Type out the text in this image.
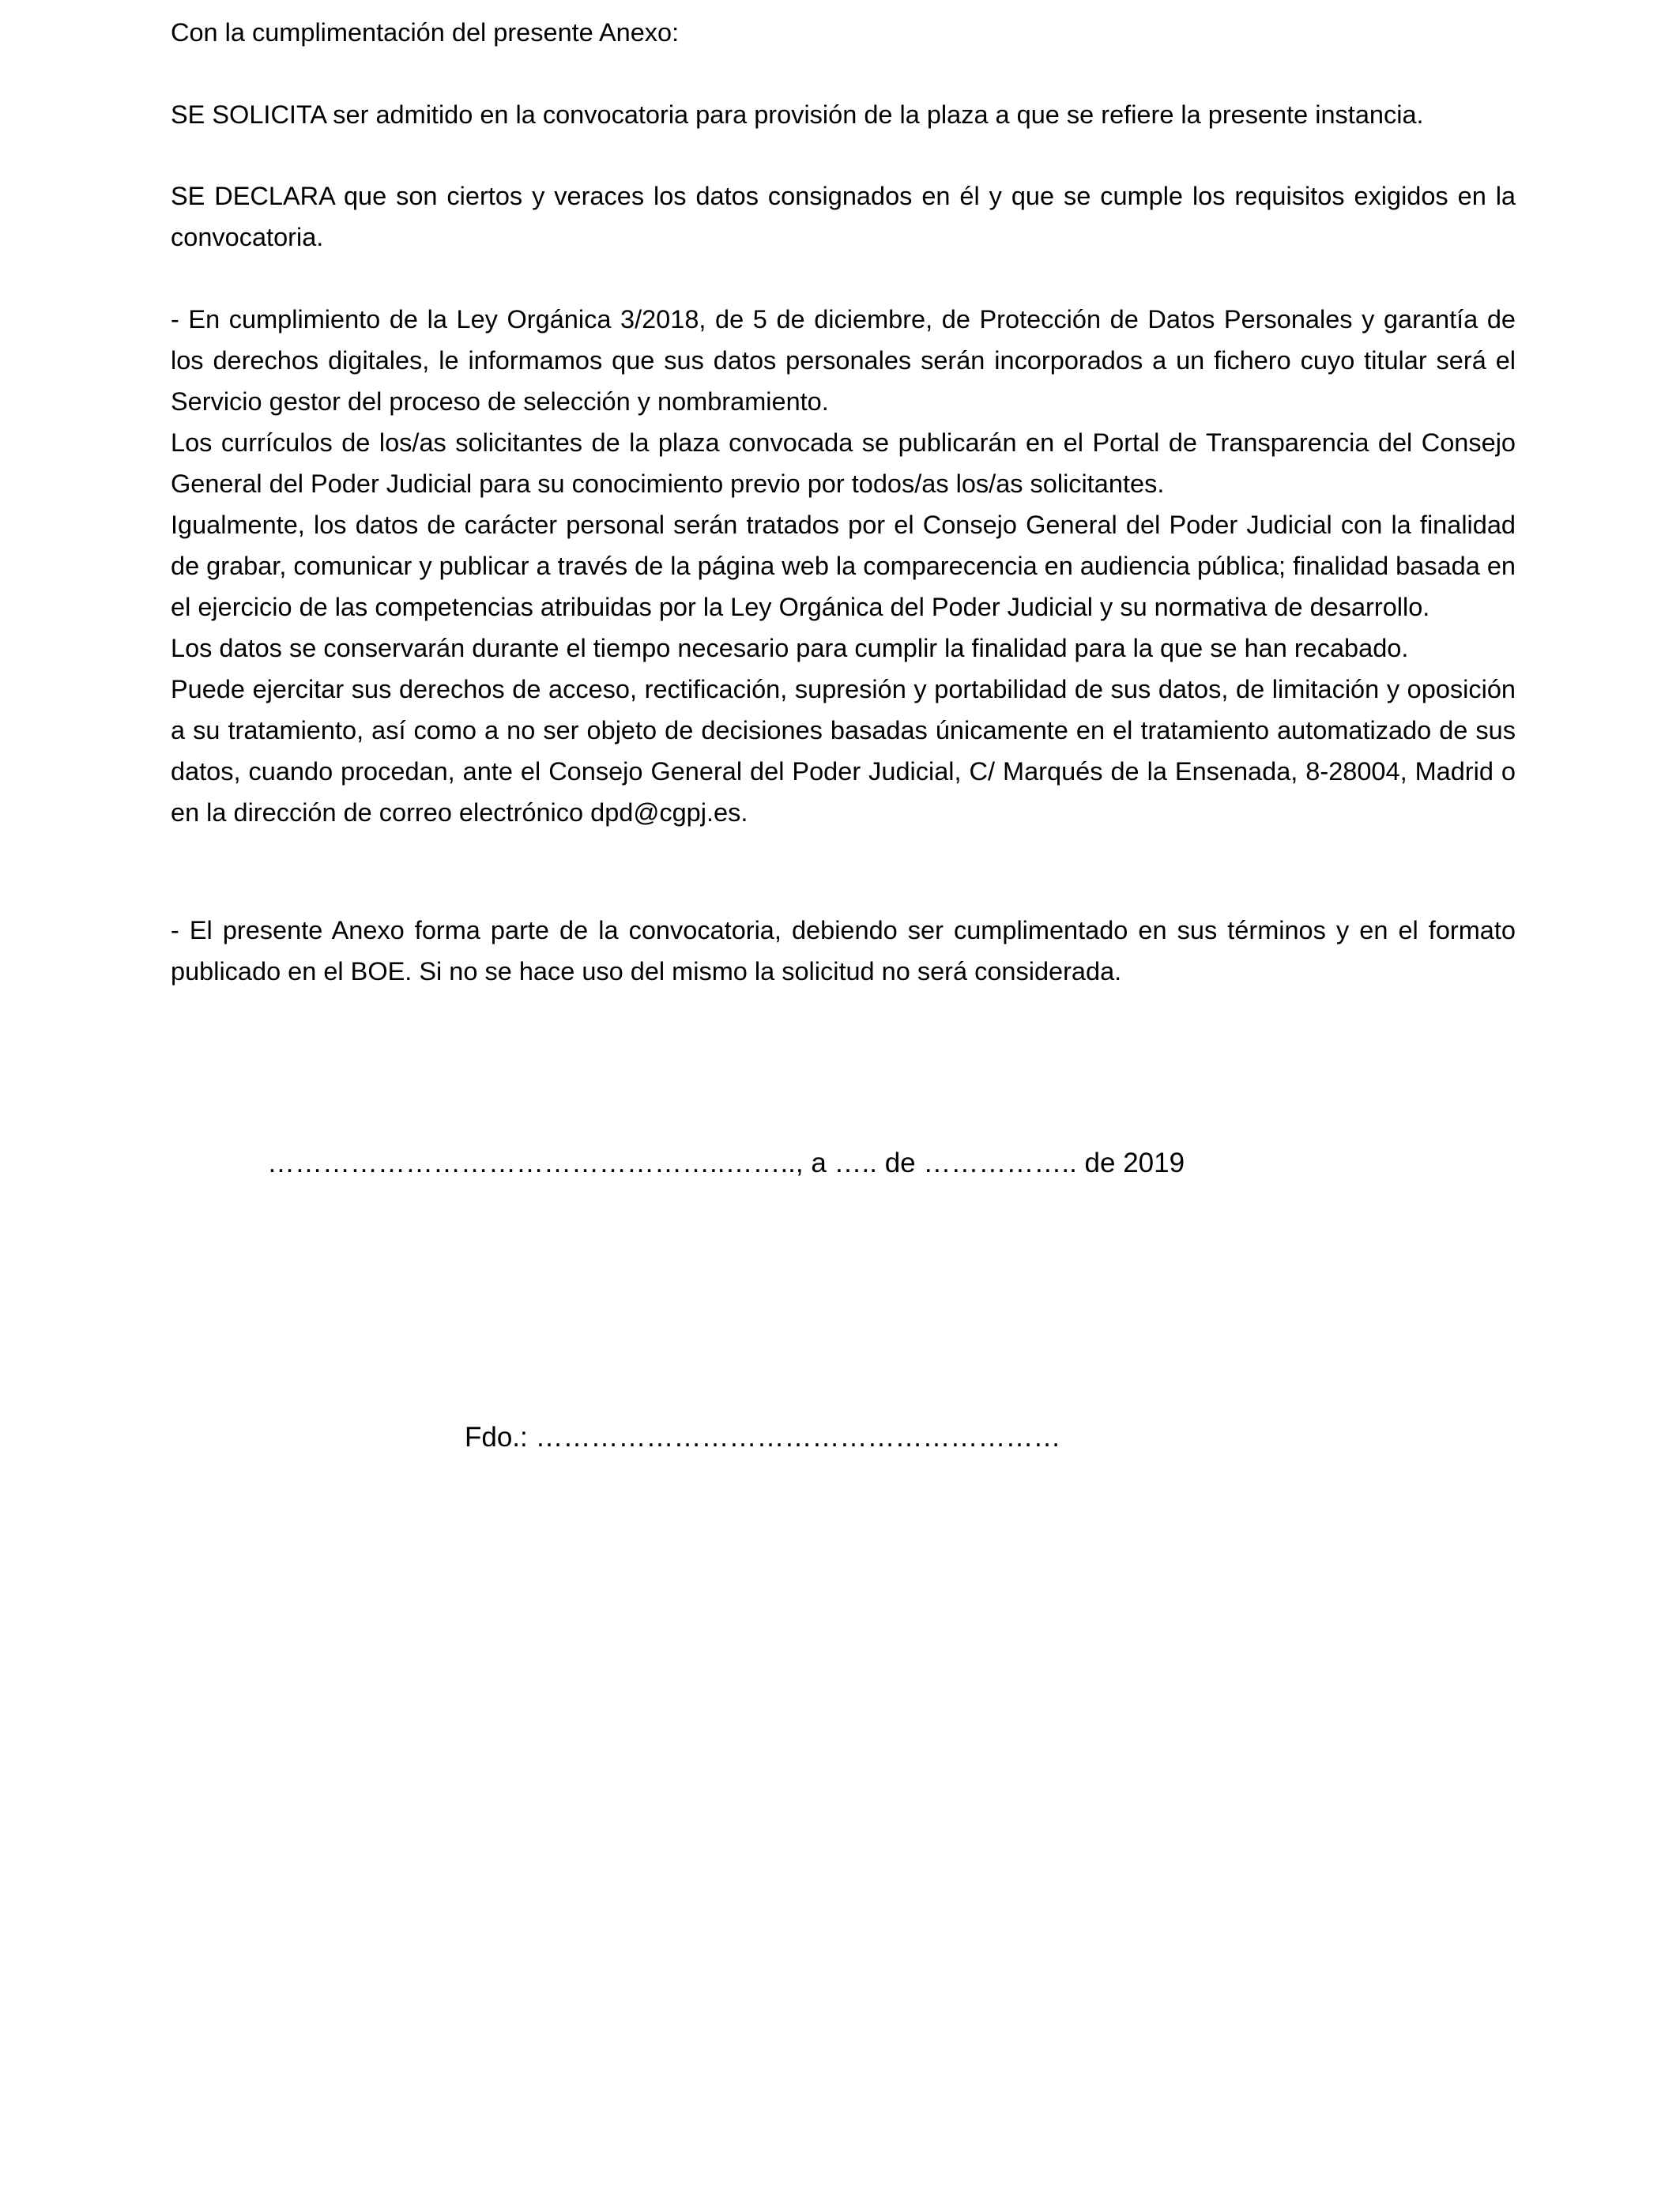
Con la cumplimentación del presente Anexo:

SE SOLICITA ser admitido en la convocatoria para provisión de la plaza a que se refiere la presente instancia.

SE DECLARA que son ciertos y veraces los datos consignados en él y que se cumple los requisitos exigidos en la convocatoria.

- En cumplimiento de la Ley Orgánica 3/2018, de 5 de diciembre, de Protección de Datos Personales y garantía de los derechos digitales, le informamos que sus datos personales serán incorporados a un fichero cuyo titular será el Servicio gestor del proceso de selección y nombramiento.

Los currículos de los/as solicitantes de la plaza convocada se publicarán en el Portal de Transparencia del Consejo General del Poder Judicial para su conocimiento previo por todos/as los/as solicitantes.

Igualmente, los datos de carácter personal serán tratados por el Consejo General del Poder Judicial con la finalidad de grabar, comunicar y publicar a través de la página web la comparecencia en audiencia pública; finalidad basada en el ejercicio de las competencias atribuidas por la Ley Orgánica del Poder Judicial y su normativa de desarrollo.

Los datos se conservarán durante el tiempo necesario para cumplir la finalidad para la que se han recabado.

Puede ejercitar sus derechos de acceso, rectificación, supresión y portabilidad de sus datos, de limitación y oposición a su tratamiento, así como a no ser objeto de decisiones basadas únicamente en el tratamiento automatizado de sus datos, cuando procedan, ante el Consejo General del Poder Judicial, C/ Marqués de la Ensenada, 8-28004, Madrid o en la dirección de correo electrónico dpd@cgpj.es.

- El presente Anexo forma parte de la convocatoria, debiendo ser cumplimentado en sus términos y en el formato publicado en el BOE. Si no se hace uso del mismo la solicitud no será considerada.

…………………………………………..…….., a ….. de …………….. de 2019
Fdo.: …………………………………………………
